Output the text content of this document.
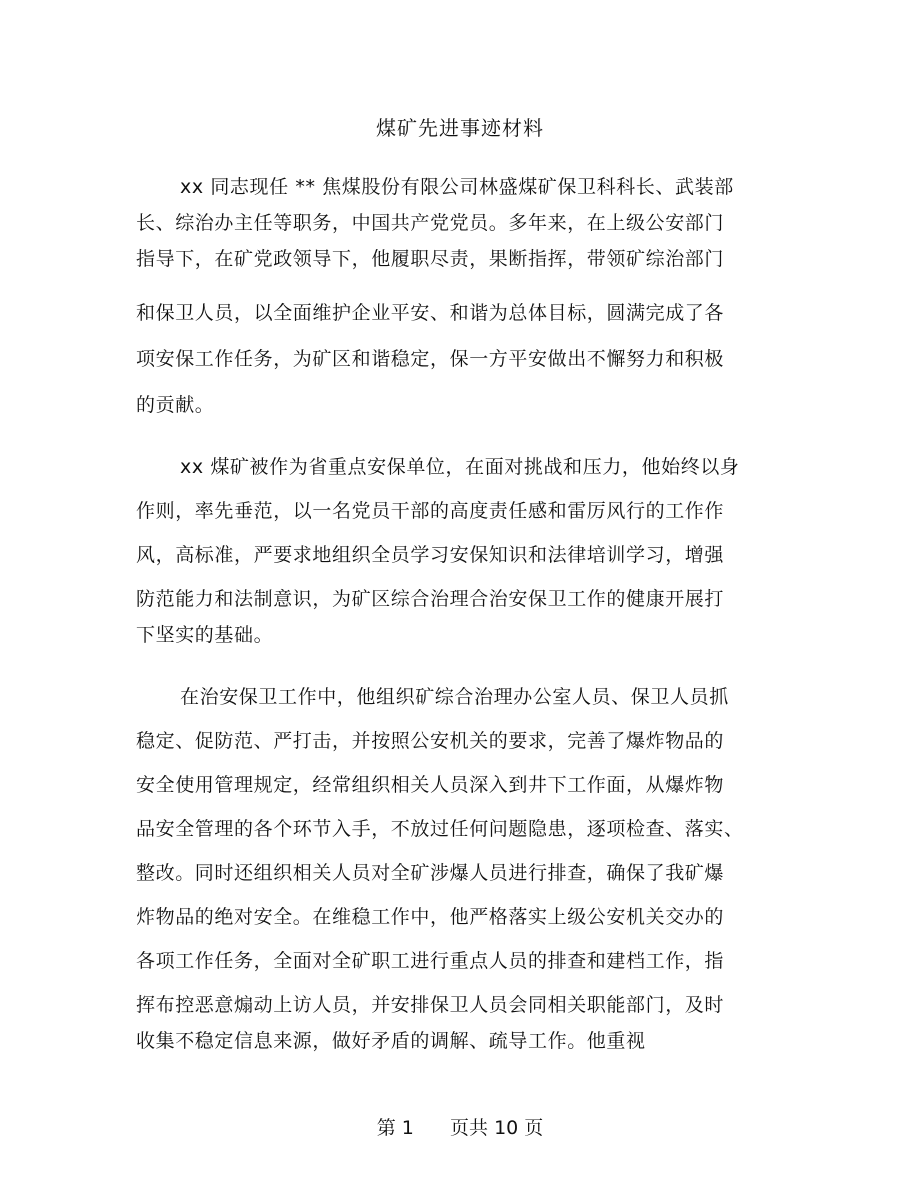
煤矿先进事迹材料
xx 同志现任 ** 焦煤股份有限公司林盛煤矿保卫科科长、武装部
长、综治办主任等职务，中国共产党党员。多年来，在上级公安部门
指导下，在矿党政领导下，他履职尽责，果断指挥，带领矿综治部门
和保卫人员，以全面维护企业平安、和谐为总体目标，圆满完成了各
项安保工作任务，为矿区和谐稳定，保一方平安做出不懈努力和积极
的贡献。
xx 煤矿被作为省重点安保单位，在面对挑战和压力，他始终以身
作则，率先垂范，以一名党员干部的高度责任感和雷厉风行的工作作
风，高标准，严要求地组织全员学习安保知识和法律培训学习，增强
防范能力和法制意识，为矿区综合治理合治安保卫工作的健康开展打
下坚实的基础。
在治安保卫工作中，他组织矿综合治理办公室人员、保卫人员抓
稳定、促防范、严打击，并按照公安机关的要求，完善了爆炸物品的
安全使用管理规定，经常组织相关人员深入到井下工作面，从爆炸物
品安全管理的各个环节入手，不放过任何问题隐患，逐项检查、落实、
整改。同时还组织相关人员对全矿涉爆人员进行排查，确保了我矿爆
炸物品的绝对安全。在维稳工作中，他严格落实上级公安机关交办的
各项工作任务，全面对全矿职工进行重点人员的排查和建档工作，指
挥布控恶意煽动上访人员，并安排保卫人员会同相关职能部门，及时
收集不稳定信息来源，做好矛盾的调解、疏导工作。他重视
第 1      页共 10 页
